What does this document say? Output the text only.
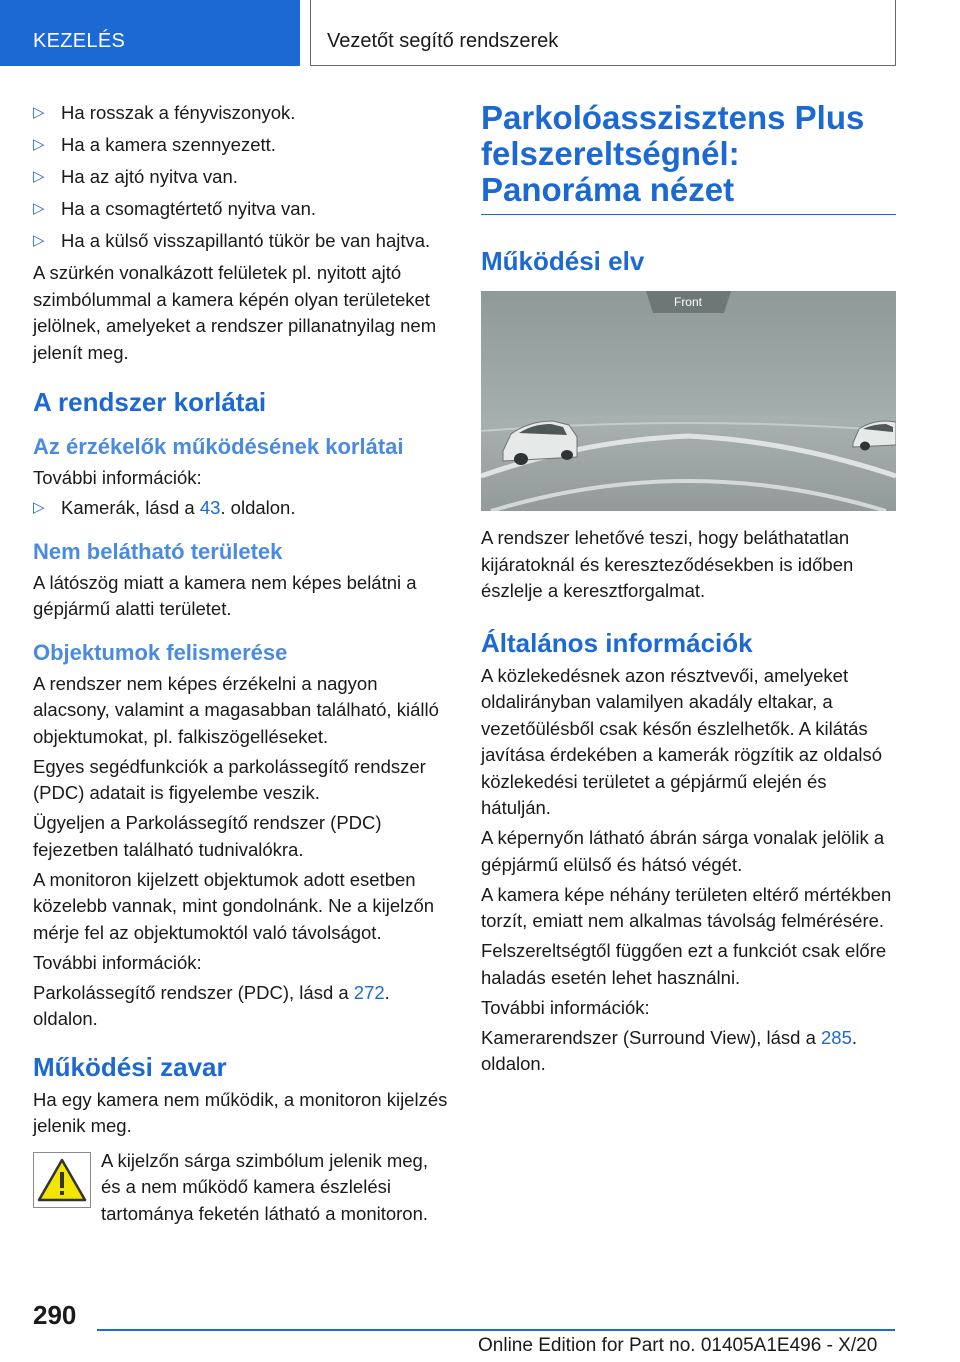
KEZELÉS	Vezetőt segítő rendszerek
▷ Ha rosszak a fényviszonyok.
▷ Ha a kamera szennyezett.
▷ Ha az ajtó nyitva van.
▷ Ha a csomagtértető nyitva van.
▷ Ha a külső visszapillantó tükör be van hajtva.

A szürkén vonalkázott felületek pl. nyitott ajtó szimbólummal a kamera képén olyan területeket jelölnek, amelyeket a rendszer pillanatnyilag nem jelenít meg.

A rendszer korlátai
Az érzékelők működésének korlátai

További információk:

▷ Kamerák, lásd a 43. oldalon.
Nem belátható területek

A látószög miatt a kamera nem képes belátni a gépjármű alatti területet.

Objektumok felismerése

A rendszer nem képes érzékelni a nagyon alacsony, valamint a magasabban található, kiálló objektumokat, pl. falkiszögelléseket.

Egyes segédfunkciók a parkolássegítő rendszer (PDC) adatait is figyelembe veszik.

Ügyeljen a Parkolássegítő rendszer (PDC) fejezetben található tudnivalókra.

A monitoron kijelzett objektumok adott esetben közelebb vannak, mint gondolnánk. Ne a kijelzőn mérje fel az objektumoktól való távolságot.

További információk:

Parkolássegítő rendszer (PDC), lásd a 272. oldalon.

Működési zavar

Ha egy kamera nem működik, a monitoron kijelzés jelenik meg.

A kijelzőn sárga szimbólum jelenik meg, és a nem működő kamera észlelési tartománya feketén látható a monitoron.

Parkolóasszisztens Plus felszereltségnél: Panoráma nézet
Működési elv
Front

A rendszer lehetővé teszi, hogy beláthatatlan kijáratoknál és kereszteződésekben is időben észlelje a keresztforgalmat.

Általános információk

A közlekedésnek azon résztvevői, amelyeket oldalirányban valamilyen akadály eltakar, a vezetőülésből csak későn észlelhetők. A kilátás javítása érdekében a kamerák rögzítik az oldalsó közlekedési területet a gépjármű elején és hátulján.

A képernyőn látható ábrán sárga vonalak jelölik a gépjármű elülső és hátsó végét.

A kamera képe néhány területen eltérő mértékben torzít, emiatt nem alkalmas távolság felmérésére.

Felszereltségtől függően ezt a funkciót csak előre haladás esetén lehet használni.

További információk:

Kamerarendszer (Surround View), lásd a 285. oldalon.

290
Online Edition for Part no. 01405A1E496 - X/20
